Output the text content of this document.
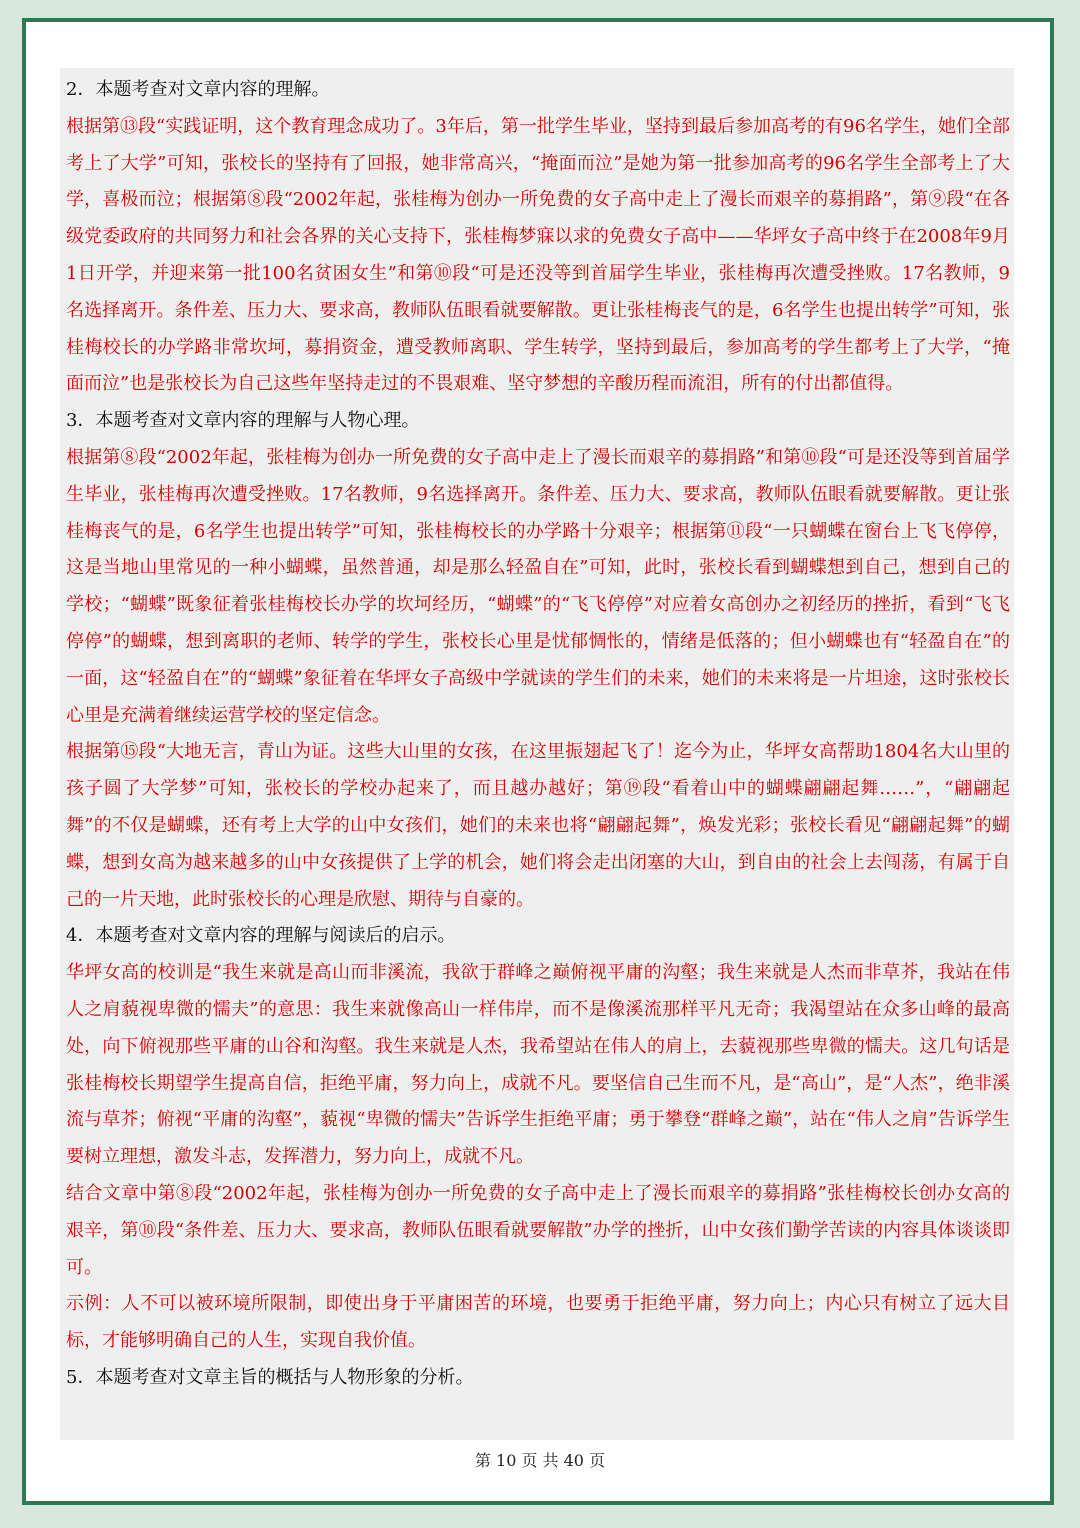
2．本题考查对文章内容的理解。

根据第⑬段“实践证明，这个教育理念成功了。3年后，第一批学生毕业，坚持到最后参加高考的有96名学生，她们全部考上了大学”可知，张校长的坚持有了回报，她非常高兴，“掩面而泣”是她为第一批参加高考的96名学生全部考上了大学，喜极而泣；根据第⑧段“2002年起，张桂梅为创办一所免费的女子高中走上了漫长而艰辛的募捐路”，第⑨段“在各级党委政府的共同努力和社会各界的关心支持下，张桂梅梦寐以求的免费女子高中——华坪女子高中终于在2008年9月1日开学，并迎来第一批100名贫困女生”和第⑩段“可是还没等到首届学生毕业，张桂梅再次遭受挫败。17名教师，9名选择离开。条件差、压力大、要求高，教师队伍眼看就要解散。更让张桂梅丧气的是，6名学生也提出转学”可知，张桂梅校长的办学路非常坎坷，募捐资金，遭受教师离职、学生转学，坚持到最后，参加高考的学生都考上了大学，“掩面而泣”也是张校长为自己这些年坚持走过的不畏艰难、坚守梦想的辛酸历程而流泪，所有的付出都值得。

3．本题考查对文章内容的理解与人物心理。

根据第⑧段“2002年起，张桂梅为创办一所免费的女子高中走上了漫长而艰辛的募捐路”和第⑩段“可是还没等到首届学生毕业，张桂梅再次遭受挫败。17名教师，9名选择离开。条件差、压力大、要求高，教师队伍眼看就要解散。更让张桂梅丧气的是，6名学生也提出转学”可知，张桂梅校长的办学路十分艰辛；根据第⑪段“一只蝴蝶在窗台上飞飞停停，这是当地山里常见的一种小蝴蝶，虽然普通，却是那么轻盈自在”可知，此时，张校长看到蝴蝶想到自己，想到自己的学校；“蝴蝶”既象征着张桂梅校长办学的坎坷经历，“蝴蝶”的“飞飞停停”对应着女高创办之初经历的挫折，看到“飞飞停停”的蝴蝶，想到离职的老师、转学的学生，张校长心里是忧郁惆怅的，情绪是低落的；但小蝴蝶也有“轻盈自在”的一面，这“轻盈自在”的“蝴蝶”象征着在华坪女子高级中学就读的学生们的未来，她们的未来将是一片坦途，这时张校长心里是充满着继续运营学校的坚定信念。

根据第⑮段“大地无言，青山为证。这些大山里的女孩，在这里振翅起飞了！迄今为止，华坪女高帮助1804名大山里的孩子圆了大学梦”可知，张校长的学校办起来了，而且越办越好；第⑲段“看着山中的蝴蝶翩翩起舞……”，“翩翩起舞”的不仅是蝴蝶，还有考上大学的山中女孩们，她们的未来也将“翩翩起舞”，焕发光彩；张校长看见“翩翩起舞”的蝴蝶，想到女高为越来越多的山中女孩提供了上学的机会，她们将会走出闭塞的大山，到自由的社会上去闯荡，有属于自己的一片天地，此时张校长的心理是欣慰、期待与自豪的。

4．本题考查对文章内容的理解与阅读后的启示。

华坪女高的校训是“我生来就是高山而非溪流，我欲于群峰之巅俯视平庸的沟壑；我生来就是人杰而非草芥，我站在伟人之肩藐视卑微的懦夫”的意思：我生来就像高山一样伟岸，而不是像溪流那样平凡无奇；我渴望站在众多山峰的最高处，向下俯视那些平庸的山谷和沟壑。我生来就是人杰，我希望站在伟人的肩上，去藐视那些卑微的懦夫。这几句话是张桂梅校长期望学生提高自信，拒绝平庸，努力向上，成就不凡。要坚信自己生而不凡，是“高山”，是“人杰”，绝非溪流与草芥；俯视“平庸的沟壑”，藐视“卑微的懦夫”告诉学生拒绝平庸；勇于攀登“群峰之巅”，站在“伟人之肩”告诉学生要树立理想，激发斗志，发挥潜力，努力向上，成就不凡。

结合文章中第⑧段“2002年起，张桂梅为创办一所免费的女子高中走上了漫长而艰辛的募捐路”张桂梅校长创办女高的艰辛，第⑩段“条件差、压力大、要求高，教师队伍眼看就要解散”办学的挫折，山中女孩们勤学苦读的内容具体谈谈即可。

示例：人不可以被环境所限制，即使出身于平庸困苦的环境，也要勇于拒绝平庸，努力向上；内心只有树立了远大目标，才能够明确自己的人生，实现自我价值。

5．本题考查对文章主旨的概括与人物形象的分析。

第 10 页 共 40 页
